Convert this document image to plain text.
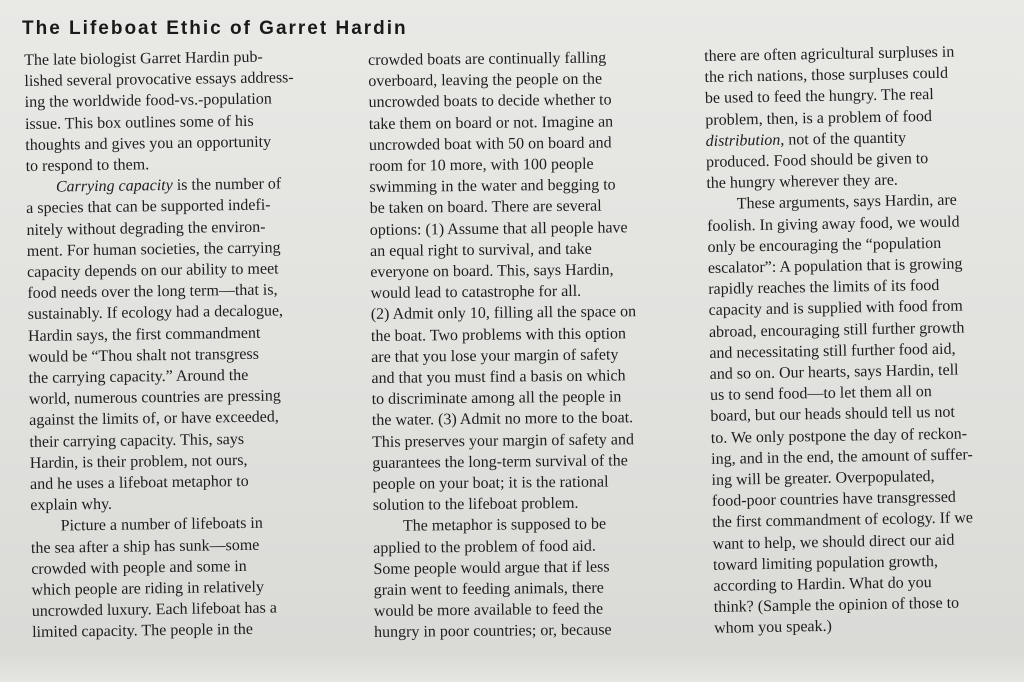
The Lifeboat Ethic of Garret Hardin
The late biologist Garret Hardin pub-
lished several provocative essays address-
ing the worldwide food-vs.-population
issue. This box outlines some of his
thoughts and gives you an opportunity
to respond to them.
Carrying capacity is the number of
a species that can be supported indefi-
nitely without degrading the environ-
ment. For human societies, the carrying
capacity depends on our ability to meet
food needs over the long term—that is,
sustainably. If ecology had a decalogue,
Hardin says, the first commandment
would be “Thou shalt not transgress
the carrying capacity.” Around the
world, numerous countries are pressing
against the limits of, or have exceeded,
their carrying capacity. This, says
Hardin, is their problem, not ours,
and he uses a lifeboat metaphor to
explain why.
Picture a number of lifeboats in
the sea after a ship has sunk—some
crowded with people and some in
which people are riding in relatively
uncrowded luxury. Each lifeboat has a
limited capacity. The people in the
crowded boats are continually falling
overboard, leaving the people on the
uncrowded boats to decide whether to
take them on board or not. Imagine an
uncrowded boat with 50 on board and
room for 10 more, with 100 people
swimming in the water and begging to
be taken on board. There are several
options: (1) Assume that all people have
an equal right to survival, and take
everyone on board. This, says Hardin,
would lead to catastrophe for all.
(2) Admit only 10, filling all the space on
the boat. Two problems with this option
are that you lose your margin of safety
and that you must find a basis on which
to discriminate among all the people in
the water. (3) Admit no more to the boat.
This preserves your margin of safety and
guarantees the long-term survival of the
people on your boat; it is the rational
solution to the lifeboat problem.
The metaphor is supposed to be
applied to the problem of food aid.
Some people would argue that if less
grain went to feeding animals, there
would be more available to feed the
hungry in poor countries; or, because
there are often agricultural surpluses in
the rich nations, those surpluses could
be used to feed the hungry. The real
problem, then, is a problem of food
distribution, not of the quantity
produced. Food should be given to
the hungry wherever they are.
These arguments, says Hardin, are
foolish. In giving away food, we would
only be encouraging the “population
escalator”: A population that is growing
rapidly reaches the limits of its food
capacity and is supplied with food from
abroad, encouraging still further growth
and necessitating still further food aid,
and so on. Our hearts, says Hardin, tell
us to send food—to let them all on
board, but our heads should tell us not
to. We only postpone the day of reckon-
ing, and in the end, the amount of suffer-
ing will be greater. Overpopulated,
food-poor countries have transgressed
the first commandment of ecology. If we
want to help, we should direct our aid
toward limiting population growth,
according to Hardin. What do you
think? (Sample the opinion of those to
whom you speak.)
